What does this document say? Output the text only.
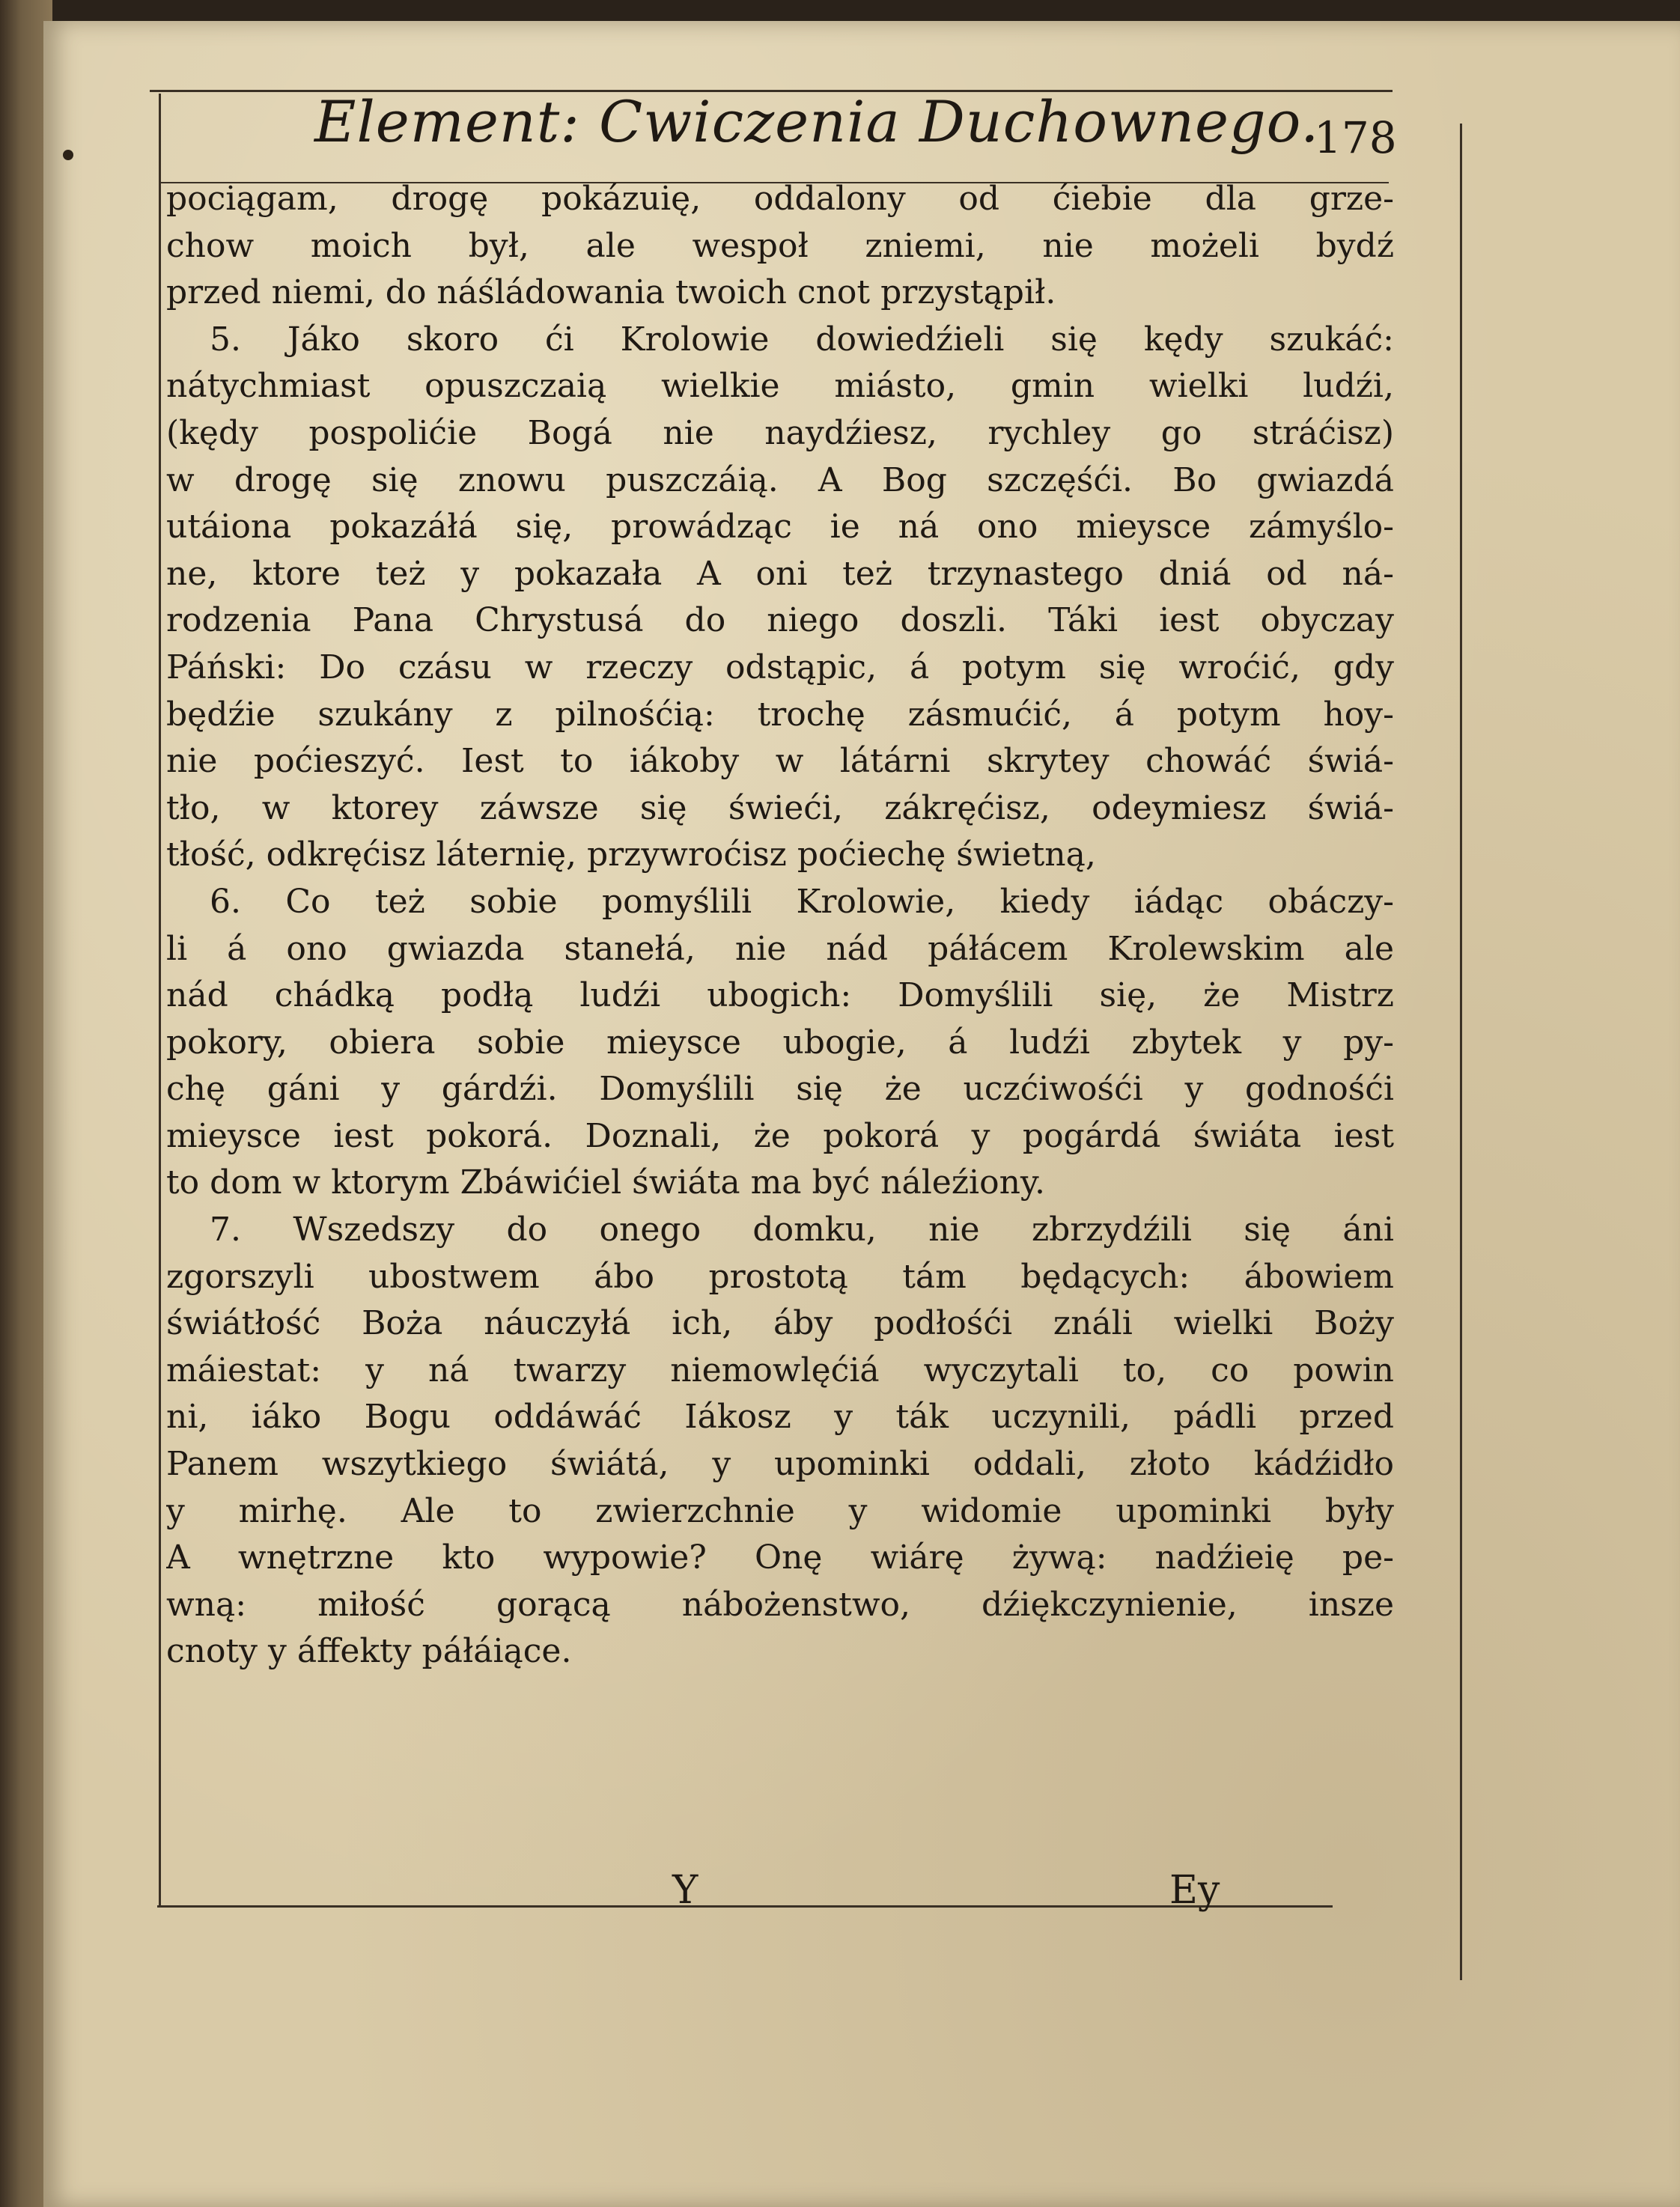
Element: Cwiczenia Duchownego.
178
pociągam, drogę pokázuię, oddalony od ćiebie dla grze-
chow moich był, ale wespoł zniemi, nie możeli bydź
przed niemi, do náśládowania twoich cnot przystąpił.
5. Jáko skoro ći Krolowie dowiedźieli się kędy szukáć:
nátychmiast opuszczaią wielkie miásto, gmin wielki ludźi,
(kędy pospolićie Bogá nie naydźiesz, rychley go stráćisz)
w drogę się znowu puszczáią. A Bog szczęśći. Bo gwiazdá
utáiona pokazáłá się, prowádząc ie ná ono mieysce zámyślo-
ne, ktore też y pokazała A oni też trzynastego dniá od ná-
rodzenia Pana Chrystusá do niego doszli. Táki iest obyczay
Páński: Do czásu w rzeczy odstąpic, á potym się wroćić, gdy
będźie szukány z pilnośćią: trochę zásmućić, á potym hoy-
nie poćieszyć. Iest to iákoby w látárni skrytey chowáć świá-
tło, w ktorey záwsze się świeći, zákręćisz, odeymiesz świá-
tłość, odkręćisz láternię, przywroćisz poćiechę świetną,
6. Co też sobie pomyślili Krolowie, kiedy iádąc obáczy-
li á ono gwiazda stanełá, nie nád páłácem Krolewskim ale
nád chádką podłą ludźi ubogich: Domyślili się, że Mistrz
pokory, obiera sobie mieysce ubogie, á ludźi zbytek y py-
chę gáni y gárdźi. Domyślili się że uczćiwośći y godnośći
mieysce iest pokorá. Doznali, że pokorá y pogárdá świáta iest
to dom w ktorym Zbáwićiel świáta ma być náleźiony.
7. Wszedszy do onego domku, nie zbrzydźili się áni
zgorszyli ubostwem ábo prostotą tám będących: ábowiem
świátłość Boża náuczyłá ich, áby podłośći ználi wielki Boży
máiestat: y ná twarzy niemowlęćiá wyczytali to, co powin
ni, iáko Bogu oddáwáć Iákosz y ták uczynili, pádli przed
Panem wszytkiego świátá, y upominki oddali, złoto kádźidło
y mirhę. Ale to zwierzchnie y widomie upominki były
A wnętrzne kto wypowie? Onę wiárę żywą: nadźieię pe-
wną: miłość gorącą nábożenstwo, dźiękczynienie, insze
cnoty y áffekty páłáiące.
Y	Ey
